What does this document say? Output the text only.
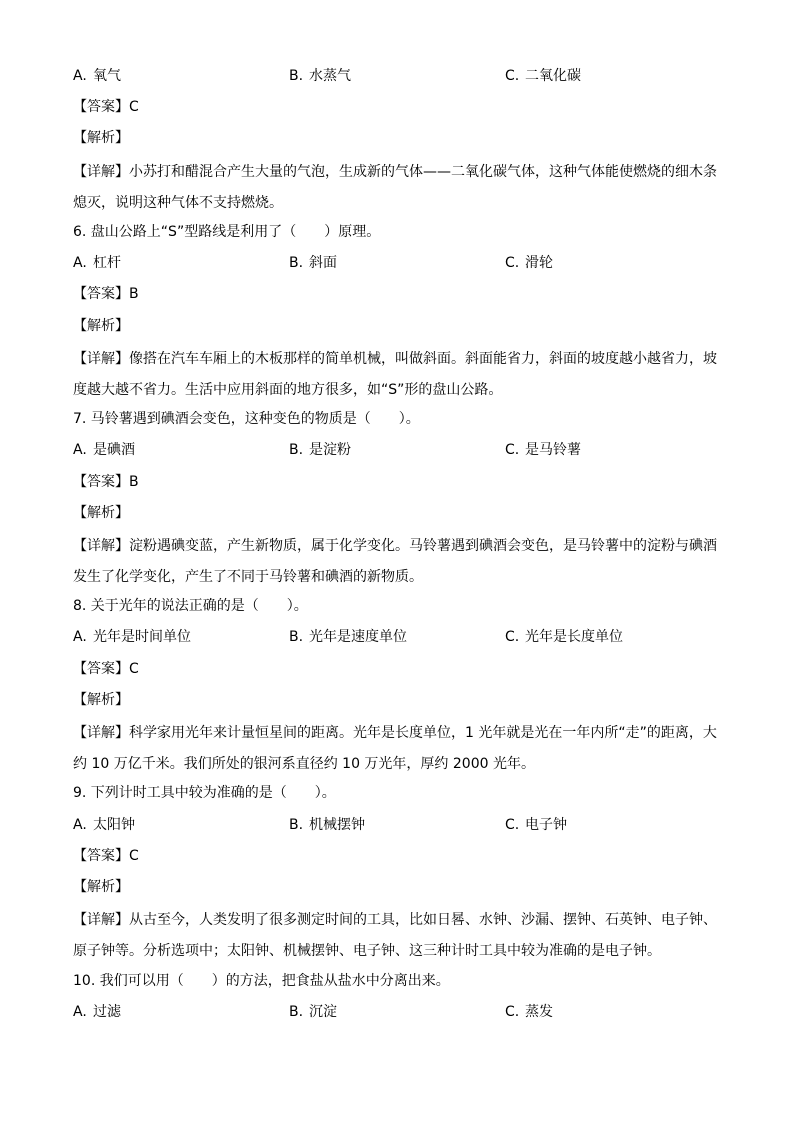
A. 氧气	B. 水蒸气	C. 二氧化碳
【答案】C
【解析】
【详解】小苏打和醋混合产生大量的气泡，生成新的气体——二氧化碳气体，这种气体能使燃烧的细木条熄灭，说明这种气体不支持燃烧。
6. 盘山公路上“S”型路线是利用了（　　）原理。
A. 杠杆	B. 斜面	C. 滑轮
【答案】B
【解析】
【详解】像搭在汽车车厢上的木板那样的简单机械，叫做斜面。斜面能省力，斜面的坡度越小越省力，坡度越大越不省力。生活中应用斜面的地方很多，如“S”形的盘山公路。
7. 马铃薯遇到碘酒会变色，这种变色的物质是（　　）。
A. 是碘酒	B. 是淀粉	C. 是马铃薯
【答案】B
【解析】
【详解】淀粉遇碘变蓝，产生新物质，属于化学变化。马铃薯遇到碘酒会变色，是马铃薯中的淀粉与碘酒发生了化学变化，产生了不同于马铃薯和碘酒的新物质。
8. 关于光年的说法正确的是（　　）。
A. 光年是时间单位	B. 光年是速度单位	C. 光年是长度单位
【答案】C
【解析】
【详解】科学家用光年来计量恒星间的距离。光年是长度单位，1 光年就是光在一年内所“走”的距离，大约 10 万亿千米。我们所处的银河系直径约 10 万光年，厚约 2000 光年。
9. 下列计时工具中较为准确的是（　　）。
A. 太阳钟	B. 机械摆钟	C. 电子钟
【答案】C
【解析】
【详解】从古至今，人类发明了很多测定时间的工具，比如日晷、水钟、沙漏、摆钟、石英钟、电子钟、原子钟等。分析选项中；太阳钟、机械摆钟、电子钟、这三种计时工具中较为准确的是电子钟。
10. 我们可以用（　　）的方法，把食盐从盐水中分离出来。
A. 过滤	B. 沉淀	C. 蒸发
